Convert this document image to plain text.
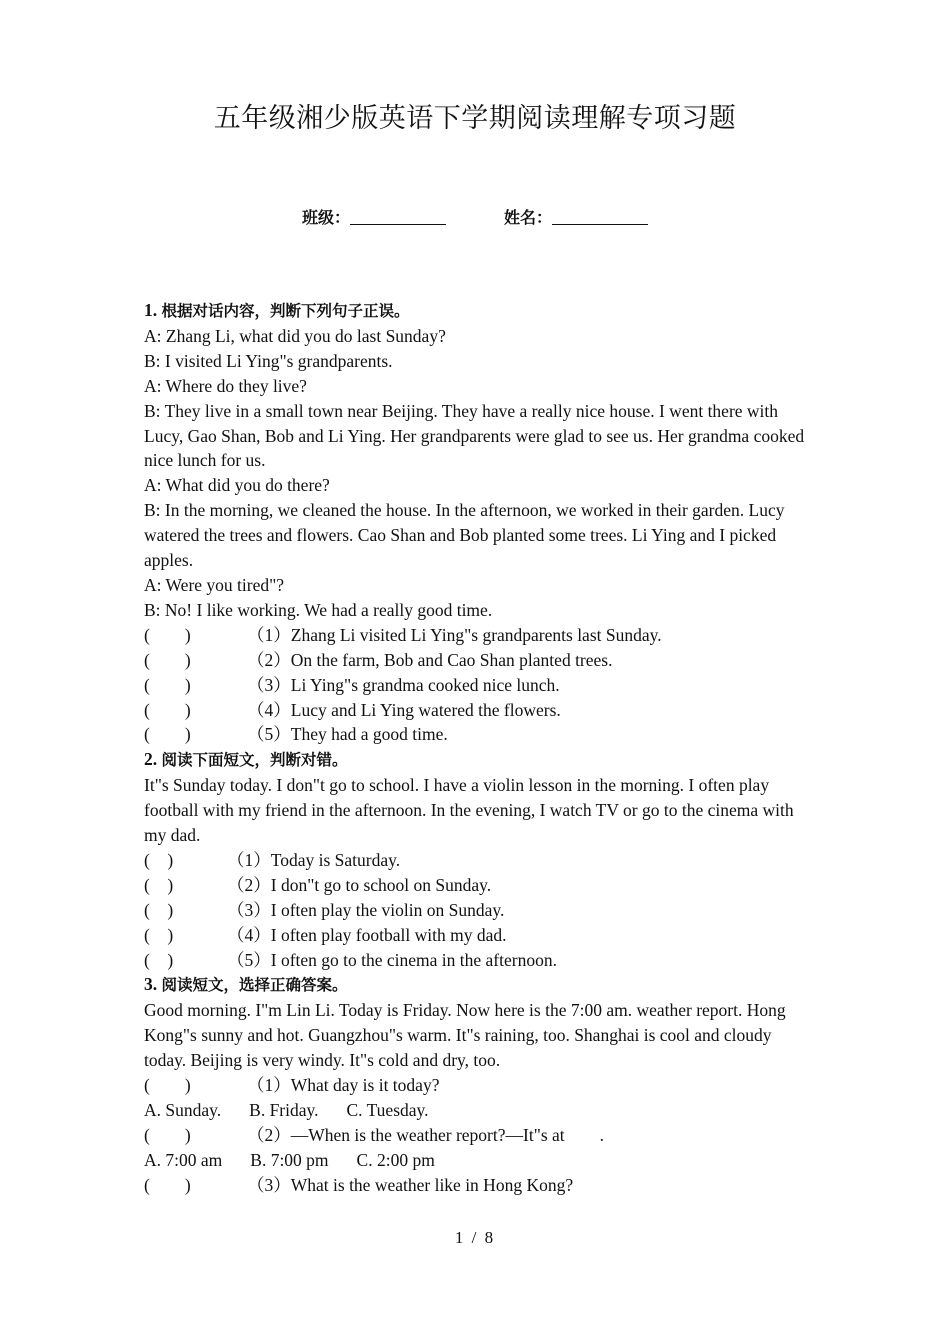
五年级湘少版英语下学期阅读理解专项习题
班级：	姓名：

1. 根据对话内容，判断下列句子正误。

A: Zhang Li, what did you do last Sunday?

B: I visited Li Ying"s grandparents.

A: Where do they live?

B: They live in a small town near Beijing. They have a really nice house. I went there with Lucy, Gao Shan, Bob and Li Ying. Her grandparents were glad to see us. Her grandma cooked nice lunch for us.

A: What did you do there?

B: In the morning, we cleaned the house. In the afternoon, we worked in their garden. Lucy watered the trees and flowers. Cao Shan and Bob planted some trees. Li Ying and I picked apples.

A: Were you tired"?

B: No! I like working. We had a really good time.

(　　)	（1）Zhang Li visited Li Ying"s grandparents last Sunday.

(　　)	（2）On the farm, Bob and Cao Shan planted trees.

(　　)	（3）Li Ying"s grandma cooked nice lunch.

(　　)	（4）Lucy and Li Ying watered the flowers.

(　　)	（5）They had a good time.

2. 阅读下面短文，判断对错。

It"s Sunday today. I don"t go to school. I have a violin lesson in the morning. I often play football with my friend in the afternoon. In the evening, I watch TV or go to the cinema with my dad.

(　)	（1）Today is Saturday.

(　)	（2）I don"t go to school on Sunday.

(　)	（3）I often play the violin on Sunday.

(　)	（4）I often play football with my dad.

(　)	（5）I often go to the cinema in the afternoon.

3. 阅读短文，选择正确答案。

Good morning. I"m Lin Li. Today is Friday. Now here is the 7:00 am. weather report. Hong Kong"s sunny and hot. Guangzhou"s warm. It"s raining, too. Shanghai is cool and cloudy today. Beijing is very windy. It"s cold and dry, too.

(　　)	（1）What day is it today?

A. Sunday. B. Friday. C. Tuesday.

(　　)	（2）—When is the weather report?—It"s at　　.

A. 7:00 am B. 7:00 pm C. 2:00 pm

(　　)	（3）What is the weather like in Hong Kong?

1 / 8
